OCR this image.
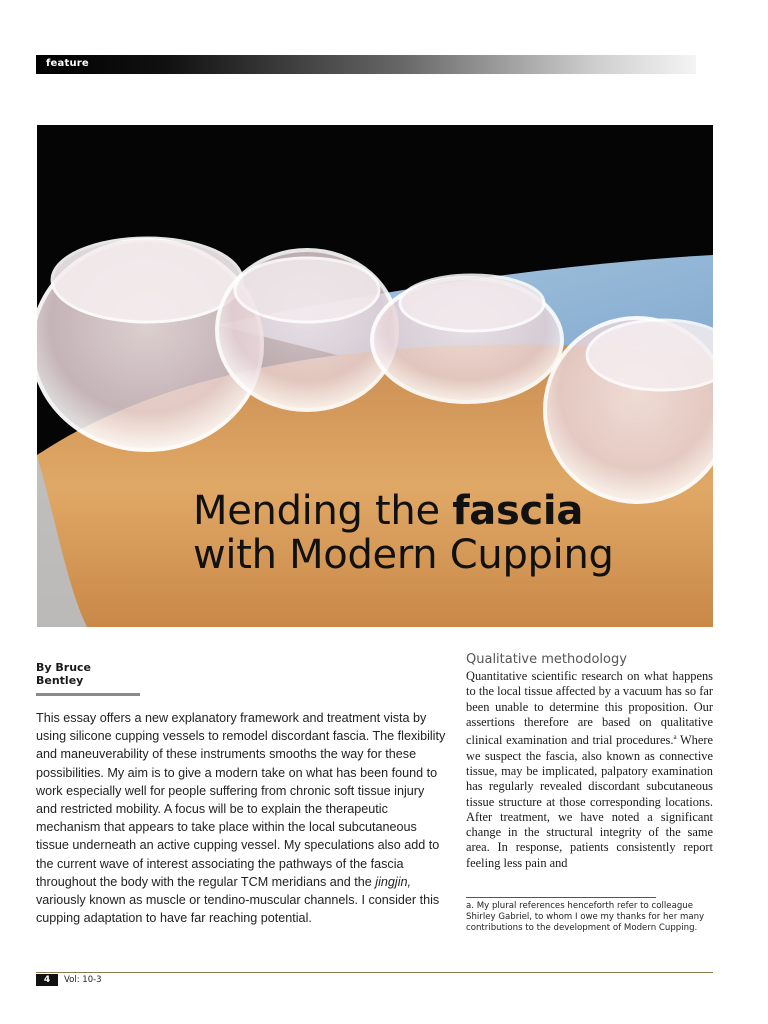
feature
Mending the fascia
with Modern Cupping
By Bruce Bentley

This essay offers a new explanatory framework and treatment vista by using silicone cupping vessels to remodel discordant fascia. The flexibility and maneuverability of these instruments smooths the way for these possibilities. My aim is to give a modern take on what has been found to work especially well for people suffering from chronic soft tissue injury and restricted mobility. A focus will be to explain the therapeutic mechanism that appears to take place within the local subcutaneous tissue underneath an active cupping vessel. My speculations also add to the current wave of interest associating the pathways of the fascia throughout the body with the regular TCM meridians and the jingjin, variously known as muscle or tendino-muscular channels. I consider this cupping adaptation to have far reaching potential.

Qualitative methodology

Quantitative scientific research on what happens to the local tissue affected by a vacuum has so far been unable to determine this proposition. Our assertions therefore are based on qualitative clinical examination and trial procedures.$^a$ Where we suspect the fascia, also known as connective tissue, may be implicated, palpatory examination has regularly revealed discordant subcutaneous tissue structure at those corresponding locations. After treatment, we have noted a significant change in the structural integrity of the same area. In response, patients consistently report feeling less pain and

a. My plural references henceforth refer to colleague Shirley Gabriel, to whom I owe my thanks for her many contributions to the development of Modern Cupping.

4	Vol: 10-3
